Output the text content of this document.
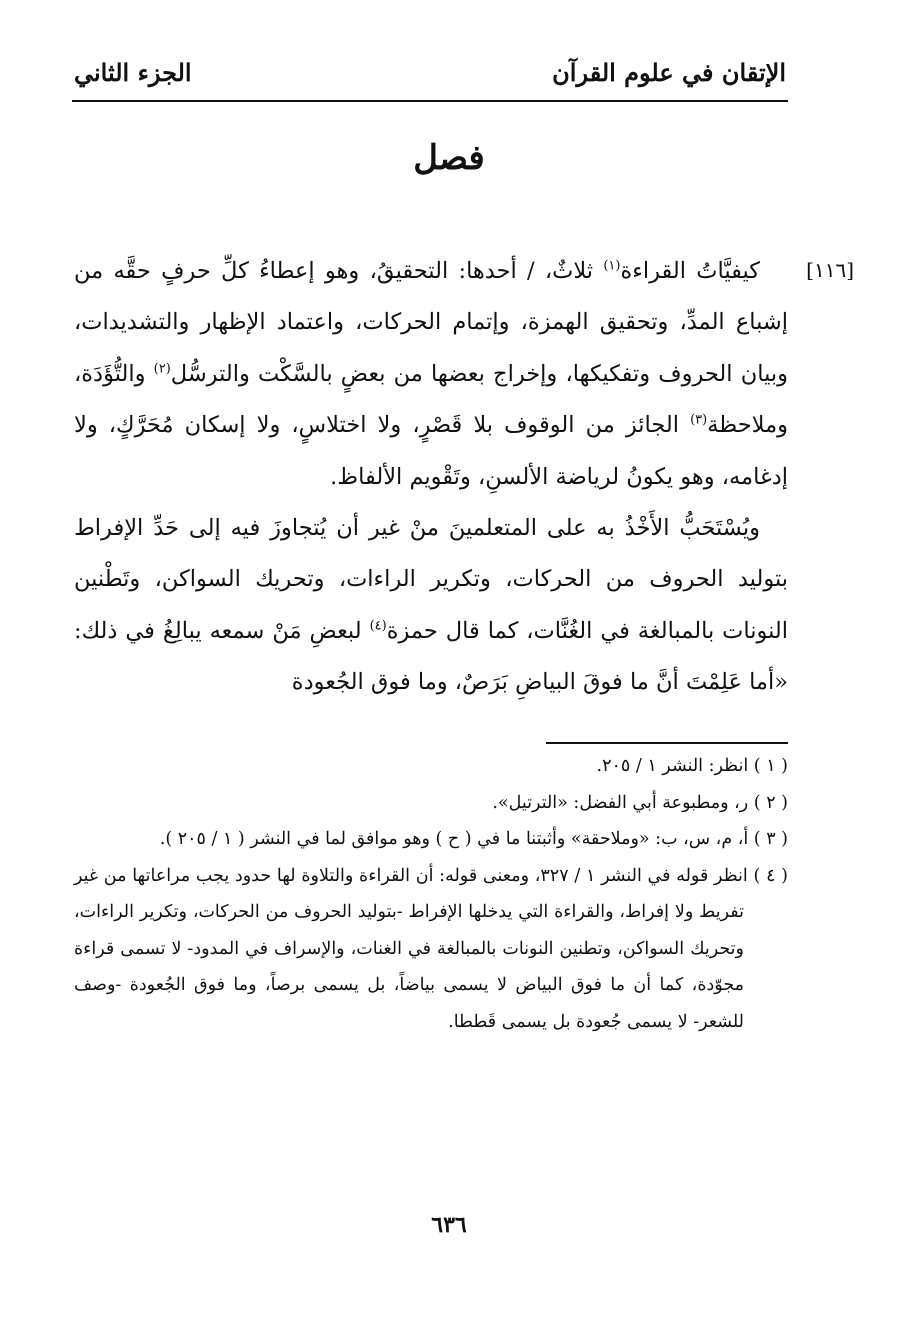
الإتقان في علوم القرآن
الجزء الثاني
فصل
[١١٦]

كيفيَّاتُ القراءة$^{(١)}$ ثلاثٌ، / أحدها: التحقيقُ، وهو إعطاءُ كلِّ حرفٍ حقَّه من إشباع المدِّ، وتحقيق الهمزة، وإتمام الحركات، واعتماد الإظهار والتشديدات، وبيان الحروف وتفكيكها، وإخراج بعضها من بعضٍ بالسَّكْت والترسُّل$^{(٢)}$ والتُّؤَدَة، وملاحظة$^{(٣)}$ الجائز من الوقوف بلا قَصْرٍ، ولا اختلاسٍ، ولا إسكان مُحَرَّكٍ، ولا إدغامه، وهو يكونُ لرياضة الألسنِ، وتَقْويم الألفاظ.

ويُسْتَحَبُّ الأَخْذُ به على المتعلمينَ منْ غير أن يُتجاوزَ فيه إلى حَدِّ الإفراط بتوليد الحروف من الحركات، وتكرير الراءات، وتحريك السواكن، وتَطْنين النونات بالمبالغة في الغُنَّات، كما قال حمزة$^{(٤)}$ لبعضِ مَنْ سمعه يبالِغُ في ذلك: «أما عَلِمْتَ أنَّ ما فوقَ البياضِ بَرَصٌ، وما فوق الجُعودة

( ١ ) انظر: النشر ١ / ٢٠٥.

( ٢ ) ر، ومطبوعة أبي الفضل: «الترتيل».

( ٣ ) أ، م، س، ب: «وملاحقة» وأثبتنا ما في ( ح ) وهو موافق لما في النشر ( ١ / ٢٠٥ ).

( ٤ ) انظر قوله في النشر ١ / ٣٢٧، ومعنى قوله: أن القراءة والتلاوة لها حدود يجب مراعاتها من غير تفريط ولا إفراط، والقراءة التي يدخلها الإفراط -بتوليد الحروف من الحركات، وتكرير الراءات، وتحريك السواكن، وتطنين النونات بالمبالغة في الغنات، والإسراف في المدود- لا تسمى قراءة مجوّدة، كما أن ما فوق البياض لا يسمى بياضاً، بل يسمى برصاً، وما فوق الجُعودة -وصف للشعر- لا يسمى جُعودة بل يسمى قَططا.

٦٣٦
